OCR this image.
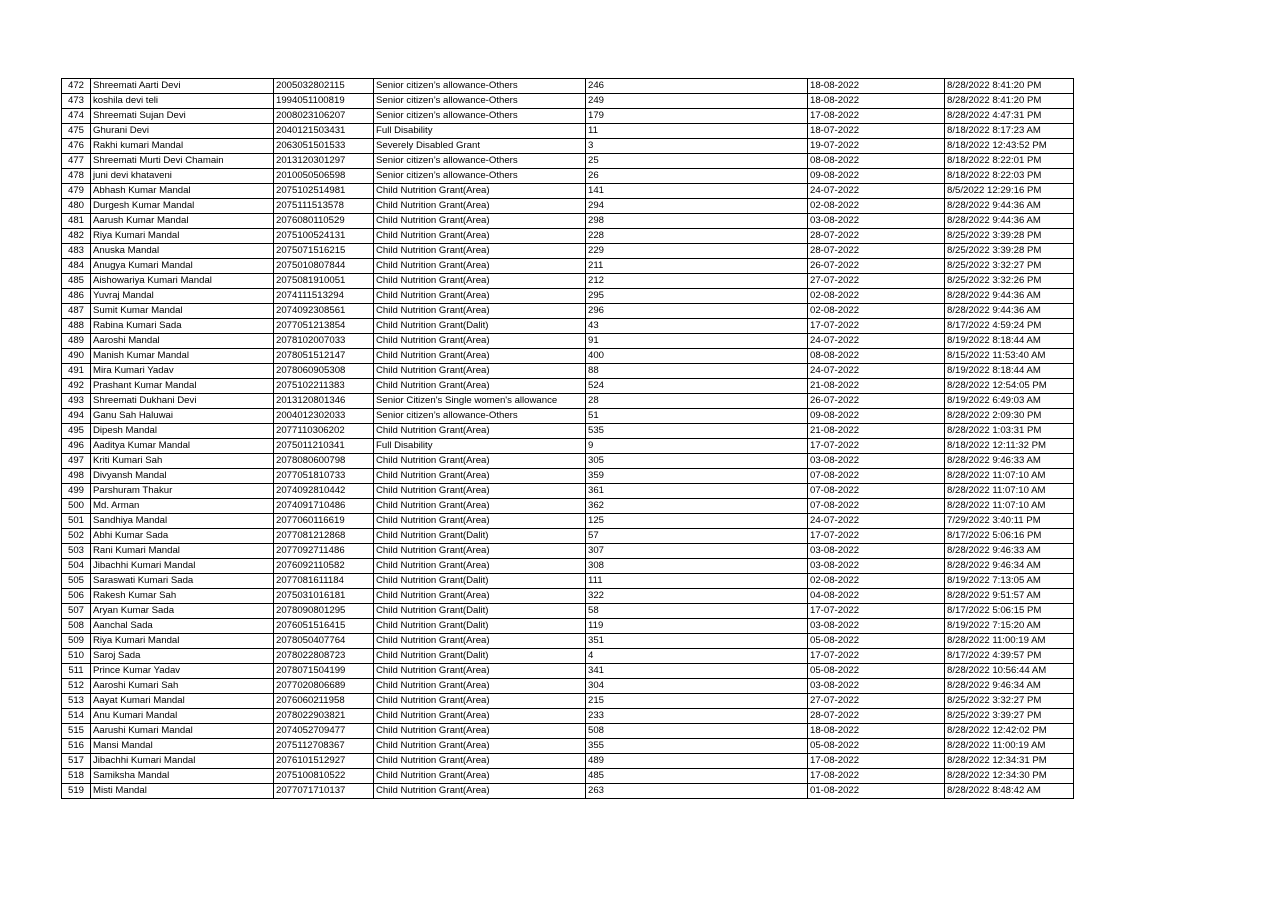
472	Shreemati Aarti Devi	2005032802115	Senior citizen’s allowance-Others	246	18-08-2022	8/28/2022 8:41:20 PM
473	koshila devi teli	1994051100819	Senior citizen’s allowance-Others	249	18-08-2022	8/28/2022 8:41:20 PM
474	Shreemati Sujan Devi	2008023106207	Senior citizen’s allowance-Others	179	17-08-2022	8/28/2022 4:47:31 PM
475	Ghurani Devi	2040121503431	Full Disability	11	18-07-2022	8/18/2022 8:17:23 AM
476	Rakhi kumari Mandal	2063051501533	Severely Disabled Grant	3	19-07-2022	8/18/2022 12:43:52 PM
477	Shreemati Murti Devi Chamain	2013120301297	Senior citizen’s allowance-Others	25	08-08-2022	8/18/2022 8:22:01 PM
478	juni devi khataveni	2010050506598	Senior citizen’s allowance-Others	26	09-08-2022	8/18/2022 8:22:03 PM
479	Abhash Kumar Mandal	2075102514981	Child Nutrition Grant(Area)	141	24-07-2022	8/5/2022 12:29:16 PM
480	Durgesh Kumar Mandal	2075111513578	Child Nutrition Grant(Area)	294	02-08-2022	8/28/2022 9:44:36 AM
481	Aarush Kumar Mandal	2076080110529	Child Nutrition Grant(Area)	298	03-08-2022	8/28/2022 9:44:36 AM
482	Riya Kumari Mandal	2075100524131	Child Nutrition Grant(Area)	228	28-07-2022	8/25/2022 3:39:28 PM
483	Anuska Mandal	2075071516215	Child Nutrition Grant(Area)	229	28-07-2022	8/25/2022 3:39:28 PM
484	Anugya Kumari Mandal	2075010807844	Child Nutrition Grant(Area)	211	26-07-2022	8/25/2022 3:32:27 PM
485	Aishowariya Kumari Mandal	2075081910051	Child Nutrition Grant(Area)	212	27-07-2022	8/25/2022 3:32:26 PM
486	Yuvraj Mandal	2074111513294	Child Nutrition Grant(Area)	295	02-08-2022	8/28/2022 9:44:36 AM
487	Sumit Kumar Mandal	2074092308561	Child Nutrition Grant(Area)	296	02-08-2022	8/28/2022 9:44:36 AM
488	Rabina Kumari Sada	2077051213854	Child Nutrition Grant(Dalit)	43	17-07-2022	8/17/2022 4:59:24 PM
489	Aaroshi Mandal	2078102007033	Child Nutrition Grant(Area)	91	24-07-2022	8/19/2022 8:18:44 AM
490	Manish Kumar Mandal	2078051512147	Child Nutrition Grant(Area)	400	08-08-2022	8/15/2022 11:53:40 AM
491	Mira Kumari Yadav	2078060905308	Child Nutrition Grant(Area)	88	24-07-2022	8/19/2022 8:18:44 AM
492	Prashant Kumar Mandal	2075102211383	Child Nutrition Grant(Area)	524	21-08-2022	8/28/2022 12:54:05 PM
493	Shreemati Dukhani Devi	2013120801346	Senior Citizen's Single women's allowance	28	26-07-2022	8/19/2022 6:49:03 AM
494	Ganu Sah Haluwai	2004012302033	Senior citizen’s allowance-Others	51	09-08-2022	8/28/2022 2:09:30 PM
495	Dipesh Mandal	2077110306202	Child Nutrition Grant(Area)	535	21-08-2022	8/28/2022 1:03:31 PM
496	Aaditya Kumar Mandal	2075011210341	Full Disability	9	17-07-2022	8/18/2022 12:11:32 PM
497	Kriti Kumari Sah	2078080600798	Child Nutrition Grant(Area)	305	03-08-2022	8/28/2022 9:46:33 AM
498	Divyansh Mandal	2077051810733	Child Nutrition Grant(Area)	359	07-08-2022	8/28/2022 11:07:10 AM
499	Parshuram Thakur	2074092810442	Child Nutrition Grant(Area)	361	07-08-2022	8/28/2022 11:07:10 AM
500	Md. Arman	2074091710486	Child Nutrition Grant(Area)	362	07-08-2022	8/28/2022 11:07:10 AM
501	Sandhiya Mandal	2077060116619	Child Nutrition Grant(Area)	125	24-07-2022	7/29/2022 3:40:11 PM
502	Abhi Kumar Sada	2077081212868	Child Nutrition Grant(Dalit)	57	17-07-2022	8/17/2022 5:06:16 PM
503	Rani Kumari Mandal	2077092711486	Child Nutrition Grant(Area)	307	03-08-2022	8/28/2022 9:46:33 AM
504	Jibachhi Kumari Mandal	2076092110582	Child Nutrition Grant(Area)	308	03-08-2022	8/28/2022 9:46:34 AM
505	Saraswati Kumari Sada	2077081611184	Child Nutrition Grant(Dalit)	111	02-08-2022	8/19/2022 7:13:05 AM
506	Rakesh Kumar Sah	2075031016181	Child Nutrition Grant(Area)	322	04-08-2022	8/28/2022 9:51:57 AM
507	Aryan Kumar Sada	2078090801295	Child Nutrition Grant(Dalit)	58	17-07-2022	8/17/2022 5:06:15 PM
508	Aanchal Sada	2076051516415	Child Nutrition Grant(Dalit)	119	03-08-2022	8/19/2022 7:15:20 AM
509	Riya Kumari Mandal	2078050407764	Child Nutrition Grant(Area)	351	05-08-2022	8/28/2022 11:00:19 AM
510	Saroj Sada	2078022808723	Child Nutrition Grant(Dalit)	4	17-07-2022	8/17/2022 4:39:57 PM
511	Prince Kumar Yadav	2078071504199	Child Nutrition Grant(Area)	341	05-08-2022	8/28/2022 10:56:44 AM
512	Aaroshi Kumari Sah	2077020806689	Child Nutrition Grant(Area)	304	03-08-2022	8/28/2022 9:46:34 AM
513	Aayat Kumari Mandal	2076060211958	Child Nutrition Grant(Area)	215	27-07-2022	8/25/2022 3:32:27 PM
514	Anu Kumari Mandal	2078022903821	Child Nutrition Grant(Area)	233	28-07-2022	8/25/2022 3:39:27 PM
515	Aarushi Kumari Mandal	2074052709477	Child Nutrition Grant(Area)	508	18-08-2022	8/28/2022 12:42:02 PM
516	Mansi Mandal	2075112708367	Child Nutrition Grant(Area)	355	05-08-2022	8/28/2022 11:00:19 AM
517	Jibachhi Kumari Mandal	2076101512927	Child Nutrition Grant(Area)	489	17-08-2022	8/28/2022 12:34:31 PM
518	Samiksha Mandal	2075100810522	Child Nutrition Grant(Area)	485	17-08-2022	8/28/2022 12:34:30 PM
519	Misti Mandal	2077071710137	Child Nutrition Grant(Area)	263	01-08-2022	8/28/2022 8:48:42 AM
